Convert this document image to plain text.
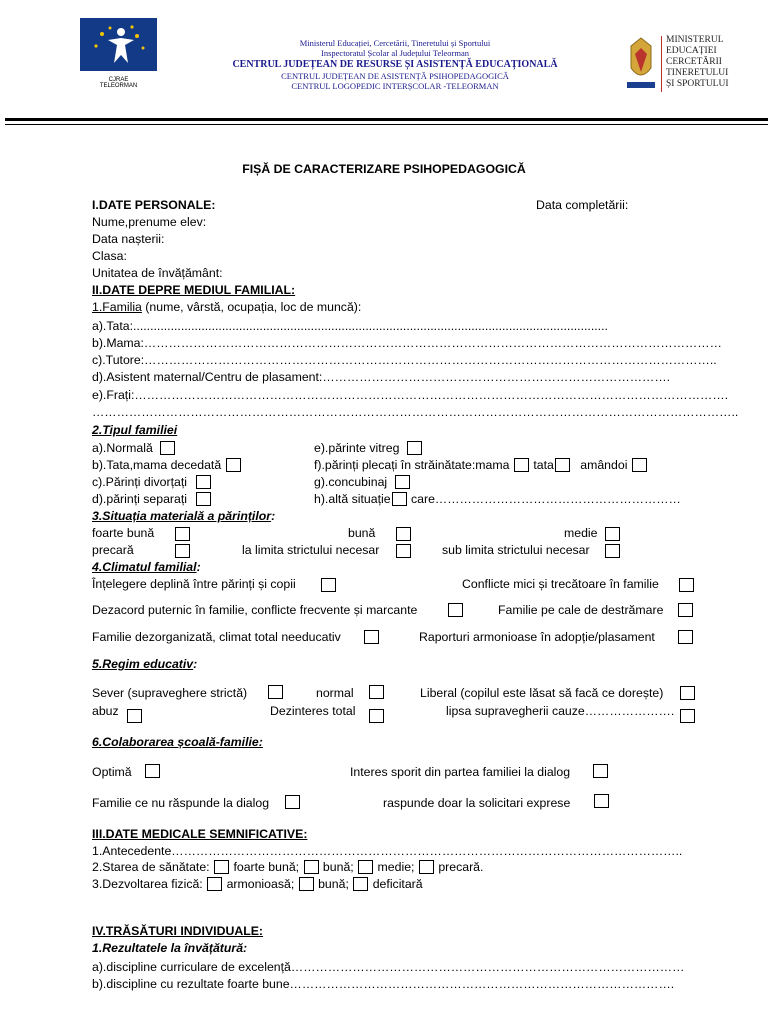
CJRAE
TELEORMAN
Ministerul Educației, Cercetării, Tineretului și Sportului
Inspectoratul Școlar al Județului Teleorman
CENTRUL JUDEȚEAN DE RESURSE ȘI ASISTENȚĂ EDUCAȚIONALĂ
CENTRUL JUDEȚEAN DE ASISTENȚĂ PSIHOPEDAGOGICĂ
CENTRUL LOGOPEDIC INTERȘCOLAR -TELEORMAN
MINISTERUL
EDUCAȚIEI
CERCETĂRII
TINERETULUI
ȘI SPORTULUI
FIȘĂ DE CARACTERIZARE PSIHOPEDAGOGICĂ
I.DATE PERSONALE:	Data completării:
Nume,prenume elev:
Data nașterii:
Clasa:
Unitatea de învățământ:
II.DATE DEPRE MEDIUL FAMILIAL:
1.Familia (nume, vârstă, ocupația, loc de muncă):
a).Tata:...........................................................................................................................................
b).Mama:……………………………………………………………………………………………………………………………
c).Tutore:…………………………………………………………………………………………………………………………..
d).Asistent maternal/Centru de plasament:………………………………………………………………………….
e).Frați:……………………………………………………………………………………………………………………………….
…………………………………………………………………………………………………………………………………………..
2.Tipul familiei
a).Normală	e).părinte vitreg
b).Tata,mama decedată	f).părinți plecați în străinătate:mama tata amândoi
c).Părinți divorțați	g).concubinaj
d).părinți separați	h).altă situație care……………………………………………………
3.Situația materială a părinților:
foarte bună	bună	medie
precară	la limita strictului necesar	sub limita strictului necesar
4.Climatul familial:
Înțelegere deplină între părinți și copii	Conflicte mici și trecătoare în familie
Dezacord puternic în familie, conflicte frecvente și marcante	Familie pe cale de destrămare
Familie dezorganizată, climat total needucativ	Raporturi armonioase în adopție/plasament
5.Regim educativ:
Sever (supraveghere strictă)	normal	Liberal (copilul este lăsat să facă ce dorește)
abuz	Dezinteres total	lipsa supravegherii cauze………………….
6.Colaborarea școală-familie:
Optimă	Interes sporit din partea familiei la dialog
Familie ce nu răspunde la dialog	raspunde doar la solicitari exprese
III.DATE MEDICALE SEMNIFICATIVE:
1.Antecedente……………………………………………………………………………………………………………..
2.Starea de sănătate: foarte bună; bună; medie; precară.
3.Dezvoltarea fizică: armonioasă; bună; deficitară
IV.TRĂSĂTURI INDIVIDUALE:
1.Rezultatele la învățătură:
a).discipline curriculare de excelență……………………………………………………………………………………
b).discipline cu rezultate foarte bune………………………………………………………………………………….
